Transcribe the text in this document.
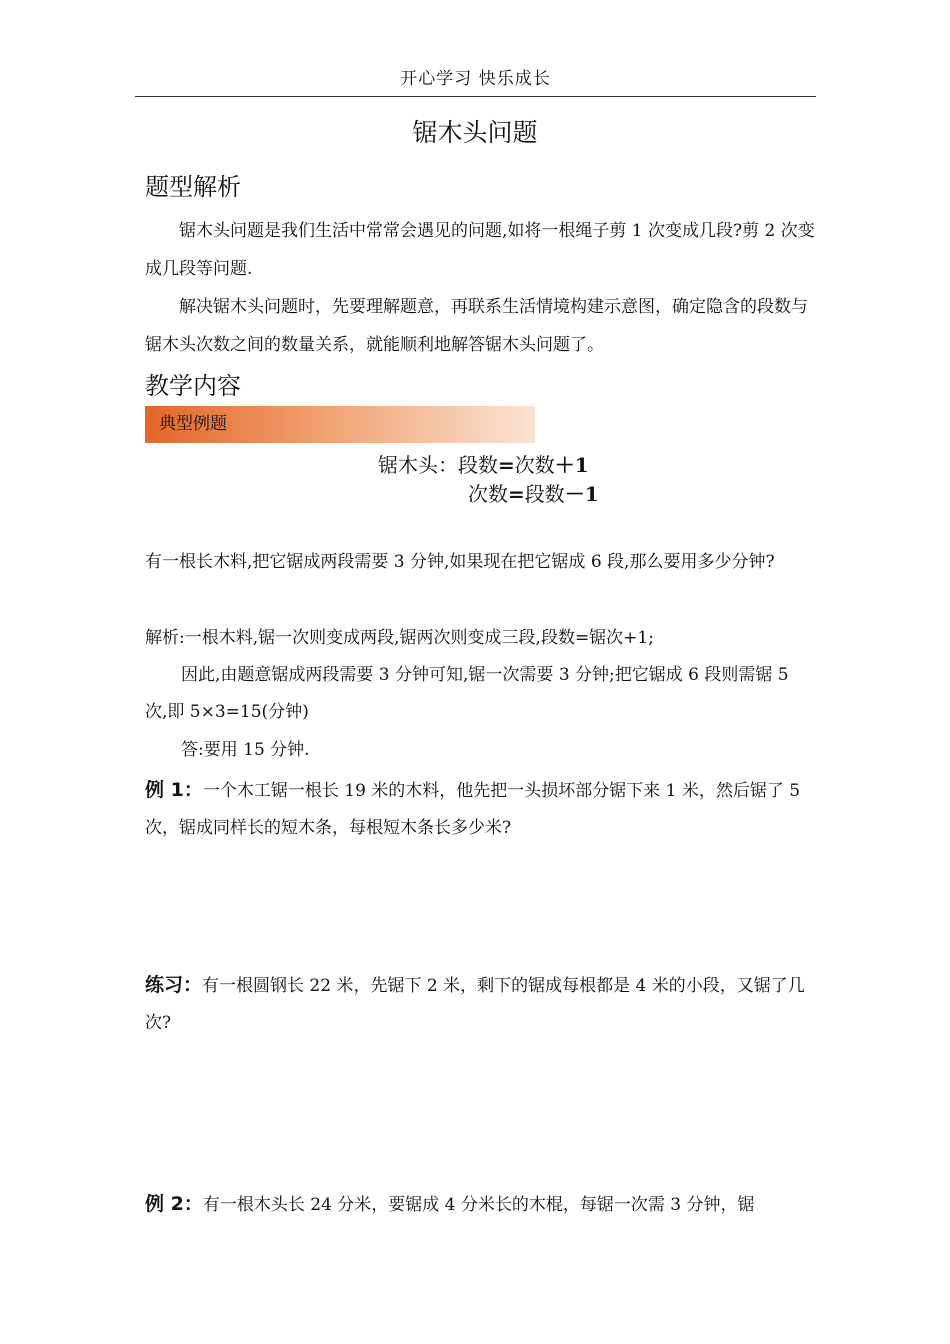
开心学习 快乐成长
锯木头问题
题型解析

锯木头问题是我们生活中常常会遇见的问题,如将一根绳子剪 1 次变成几段?剪 2 次变成几段等问题.

解决锯木头问题时，先要理解题意，再联系生活情境构建示意图，确定隐含的段数与锯木头次数之间的数量关系，就能顺利地解答锯木头问题了。

教学内容
典型例题
锯木头：段数=次数＋1
次数=段数－1

有一根长木料,把它锯成两段需要 3 分钟,如果现在把它锯成 6 段,那么要用多少分钟?

解析:一根木料,锯一次则变成两段,锯两次则变成三段,段数=锯次+1;

因此,由题意锯成两段需要 3 分钟可知,锯一次需要 3 分钟;把它锯成 6 段则需锯 5 次,即 5×3=15(分钟)

答:要用 15 分钟.

例 1：一个木工锯一根长 19 米的木料，他先把一头损坏部分锯下来 1 米，然后锯了 5 次，锯成同样长的短木条，每根短木条长多少米?

练习：有一根圆钢长 22 米，先锯下 2 米，剩下的锯成每根都是 4 米的小段，又锯了几次?

例 2：有一根木头长 24 分米，要锯成 4 分米长的木棍，每锯一次需 3 分钟，锯
